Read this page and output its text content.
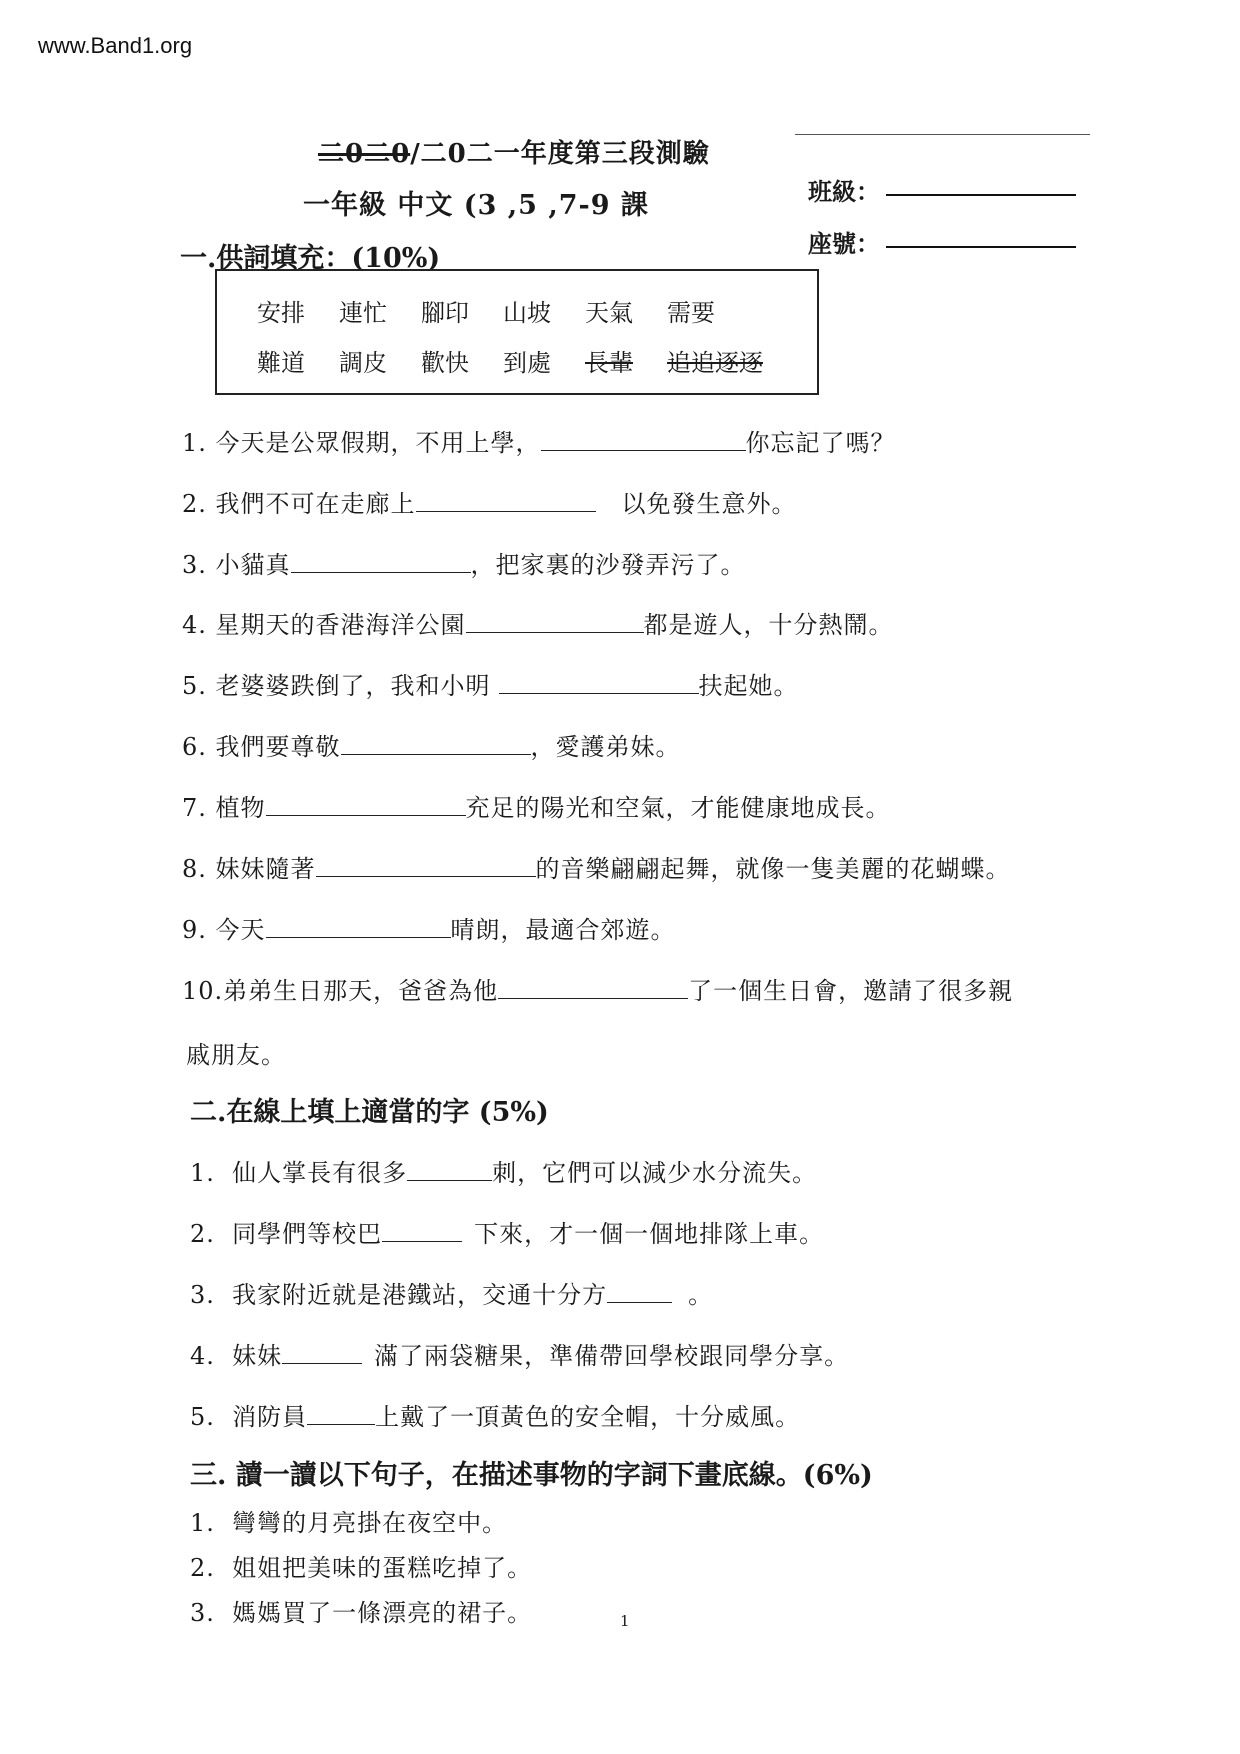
www.Band1.org
二0二0/二0二一年度第三段測驗
一年級 中文 (3 ,5 ,7-9 課	班級：
座號：
一.供詞填充：(10%)
安排	連忙	腳印	山坡	天氣	需要
難道	調皮	歡快	到處	長輩	追追逐逐
1. 今天是公眾假期，不用上學，	你忘記了嗎？
2. 我們不可在走廊上	以免發生意外。
3. 小貓真	，把家裏的沙發弄污了。
4. 星期天的香港海洋公園	都是遊人，十分熱鬧。
5. 老婆婆跌倒了，我和小明	扶起她。
6. 我們要尊敬	，愛護弟妹。
7. 植物	充足的陽光和空氣，才能健康地成長。
8. 妹妹隨著	的音樂翩翩起舞，就像一隻美麗的花蝴蝶。
9. 今天	晴朗，最適合郊遊。
10.弟弟生日那天，爸爸為他	了一個生日會，邀請了很多親
戚朋友。
二.在線上填上適當的字 (5%)
1. 仙人掌長有很多	刺，它們可以減少水分流失。
2. 同學們等校巴	下來，才一個一個地排隊上車。
3. 我家附近就是港鐵站，交通十分方	。
4. 妹妹	滿了兩袋糖果，準備帶回學校跟同學分享。
5. 消防員	上戴了一頂黃色的安全帽，十分威風。
三. 讀一讀以下句子，在描述事物的字詞下畫底線。(6%)
1. 彎彎的月亮掛在夜空中。
2. 姐姐把美味的蛋糕吃掉了。
3. 媽媽買了一條漂亮的裙子。	1
